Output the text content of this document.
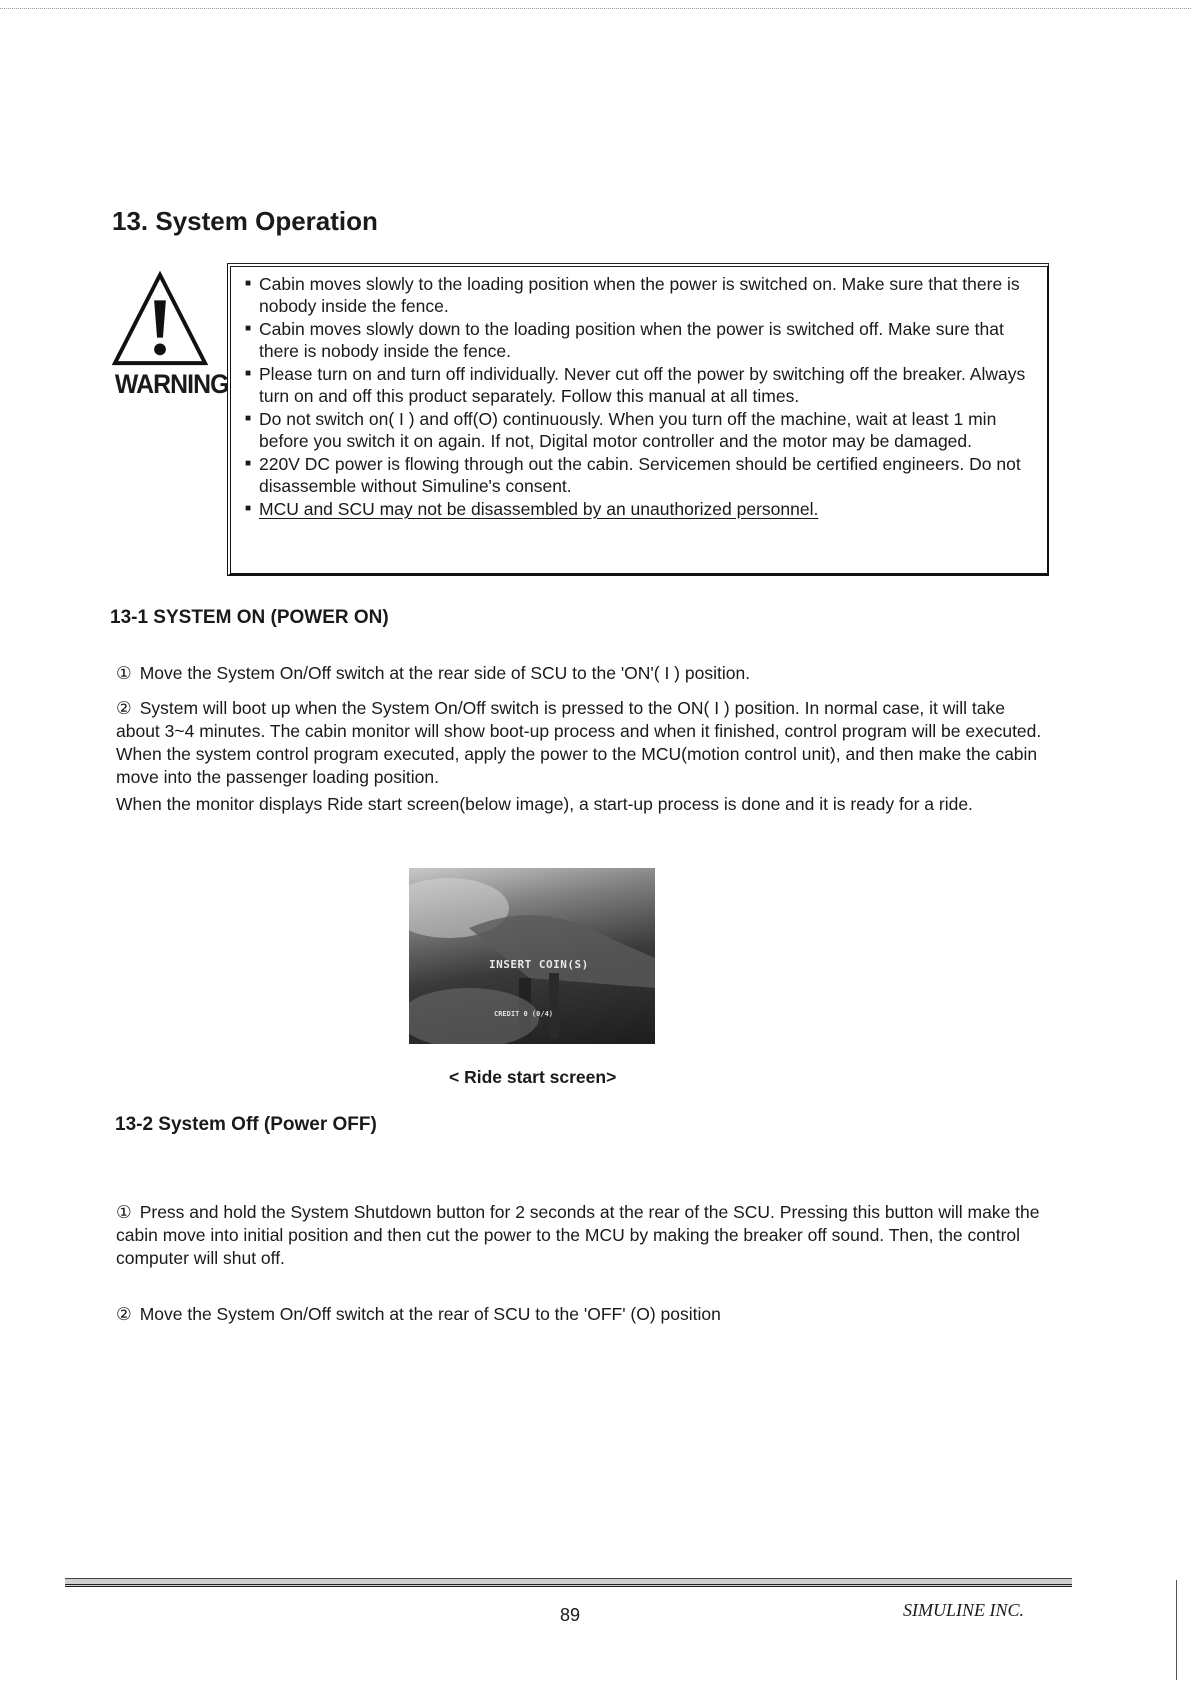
13. System Operation
WARNING
■ Cabin moves slowly to the loading position when the power is switched on. Make sure that there is nobody inside the fence.
■ Cabin moves slowly down to the loading position when the power is switched off. Make sure that there is nobody inside the fence.
■ Please turn on and turn off individually. Never cut off the power by switching off the breaker. Always turn on and off this product separately. Follow this manual at all times.
■ Do not switch on( I ) and off(O) continuously. When you turn off the machine, wait at least 1 min before you switch it on again. If not, Digital motor controller and the motor may be damaged.
■ 220V DC power is flowing through out the cabin. Servicemen should be certified engineers. Do not disassemble without Simuline's consent.
■ MCU and SCU may not be disassembled by an unauthorized personnel.
13-1 SYSTEM ON (POWER ON)

① Move the System On/Off switch at the rear side of SCU to the 'ON'( I ) position.

② System will boot up when the System On/Off switch is pressed to the ON( I ) position. In normal case, it will take about 3~4 minutes. The cabin monitor will show boot-up process and when it finished, control program will be executed. When the system control program executed, apply the power to the MCU(motion control unit), and then make the cabin move into the passenger loading position.

When the monitor displays Ride start screen(below image), a start-up process is done and it is ready for a ride.

INSERT COIN(S)
CREDIT 0 (0/4)

< Ride start screen>

13-2 System Off (Power OFF)

① Press and hold the System Shutdown button for 2 seconds at the rear of the SCU. Pressing this button will make the cabin move into initial position and then cut the power to the MCU by making the breaker off sound. Then, the control computer will shut off.

② Move the System On/Off switch at the rear of SCU to the 'OFF' (O) position

89	SIMULINE INC.
